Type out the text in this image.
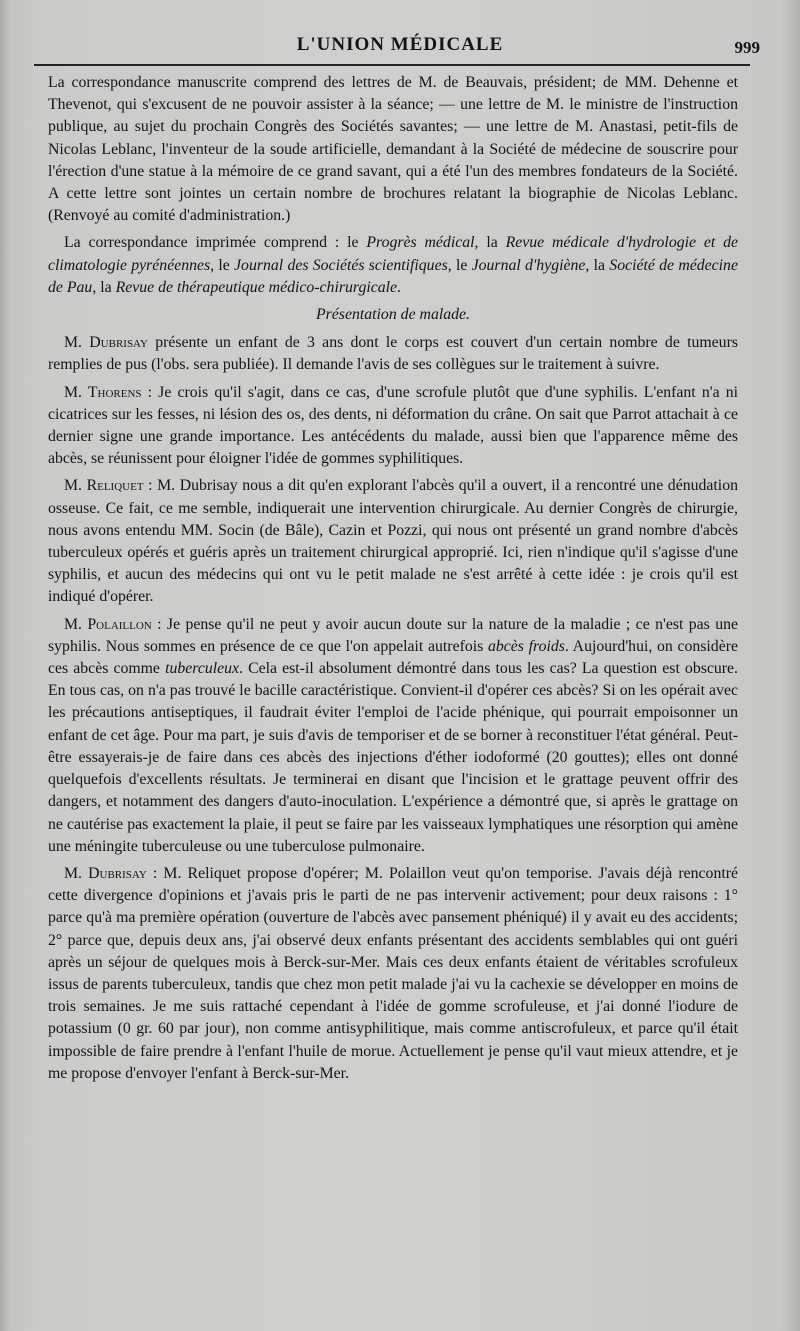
L'UNION MÉDICALE	999

La correspondance manuscrite comprend des lettres de M. de Beauvais, président; de MM. Dehenne et Thevenot, qui s'excusent de ne pouvoir assister à la séance; — une lettre de M. le ministre de l'instruction publique, au sujet du prochain Congrès des Sociétés savantes; — une lettre de M. Anastasi, petit-fils de Nicolas Leblanc, l'inventeur de la soude artificielle, demandant à la Société de médecine de souscrire pour l'érection d'une statue à la mémoire de ce grand savant, qui a été l'un des membres fondateurs de la Société. A cette lettre sont jointes un certain nombre de brochures relatant la biographie de Nicolas Leblanc. (Renvoyé au comité d'administration.)

La correspondance imprimée comprend : le Progrès médical, la Revue médicale d'hydrologie et de climatologie pyrénéennes, le Journal des Sociétés scientifiques, le Journal d'hygiène, la Société de médecine de Pau, la Revue de thérapeutique médico-chirurgicale.

Présentation de malade.

M. Dubrisay présente un enfant de 3 ans dont le corps est couvert d'un certain nombre de tumeurs remplies de pus (l'obs. sera publiée). Il demande l'avis de ses collègues sur le traitement à suivre.

M. Thorens : Je crois qu'il s'agit, dans ce cas, d'une scrofule plutôt que d'une syphilis. L'enfant n'a ni cicatrices sur les fesses, ni lésion des os, des dents, ni déformation du crâne. On sait que Parrot attachait à ce dernier signe une grande importance. Les antécédents du malade, aussi bien que l'apparence même des abcès, se réunissent pour éloigner l'idée de gommes syphilitiques.

M. Reliquet : M. Dubrisay nous a dit qu'en explorant l'abcès qu'il a ouvert, il a rencontré une dénudation osseuse. Ce fait, ce me semble, indiquerait une intervention chirurgicale. Au dernier Congrès de chirurgie, nous avons entendu MM. Socin (de Bâle), Cazin et Pozzi, qui nous ont présenté un grand nombre d'abcès tuberculeux opérés et guéris après un traitement chirurgical approprié. Ici, rien n'indique qu'il s'agisse d'une syphilis, et aucun des médecins qui ont vu le petit malade ne s'est arrêté à cette idée : je crois qu'il est indiqué d'opérer.

M. Polaillon : Je pense qu'il ne peut y avoir aucun doute sur la nature de la maladie ; ce n'est pas une syphilis. Nous sommes en présence de ce que l'on appelait autrefois abcès froids. Aujourd'hui, on considère ces abcès comme tuberculeux. Cela est-il absolument démontré dans tous les cas? La question est obscure. En tous cas, on n'a pas trouvé le bacille caractéristique. Convient-il d'opérer ces abcès? Si on les opérait avec les précautions antiseptiques, il faudrait éviter l'emploi de l'acide phénique, qui pourrait empoisonner un enfant de cet âge. Pour ma part, je suis d'avis de temporiser et de se borner à reconstituer l'état général. Peut-être essayerais-je de faire dans ces abcès des injections d'éther iodoformé (20 gouttes); elles ont donné quelquefois d'excellents résultats. Je terminerai en disant que l'incision et le grattage peuvent offrir des dangers, et notamment des dangers d'auto-inoculation. L'expérience a démontré que, si après le grattage on ne cautérise pas exactement la plaie, il peut se faire par les vaisseaux lymphatiques une résorption qui amène une méningite tuberculeuse ou une tuberculose pulmonaire.

M. Dubrisay : M. Reliquet propose d'opérer; M. Polaillon veut qu'on temporise. J'avais déjà rencontré cette divergence d'opinions et j'avais pris le parti de ne pas intervenir activement; pour deux raisons : 1° parce qu'à ma première opération (ouverture de l'abcès avec pansement phéniqué) il y avait eu des accidents; 2° parce que, depuis deux ans, j'ai observé deux enfants présentant des accidents semblables qui ont guéri après un séjour de quelques mois à Berck-sur-Mer. Mais ces deux enfants étaient de véritables scrofuleux issus de parents tuberculeux, tandis que chez mon petit malade j'ai vu la cachexie se développer en moins de trois semaines. Je me suis rattaché cependant à l'idée de gomme scrofuleuse, et j'ai donné l'iodure de potassium (0 gr. 60 par jour), non comme antisyphilitique, mais comme antiscrofuleux, et parce qu'il était impossible de faire prendre à l'enfant l'huile de morue. Actuellement je pense qu'il vaut mieux attendre, et je me propose d'envoyer l'enfant à Berck-sur-Mer.
